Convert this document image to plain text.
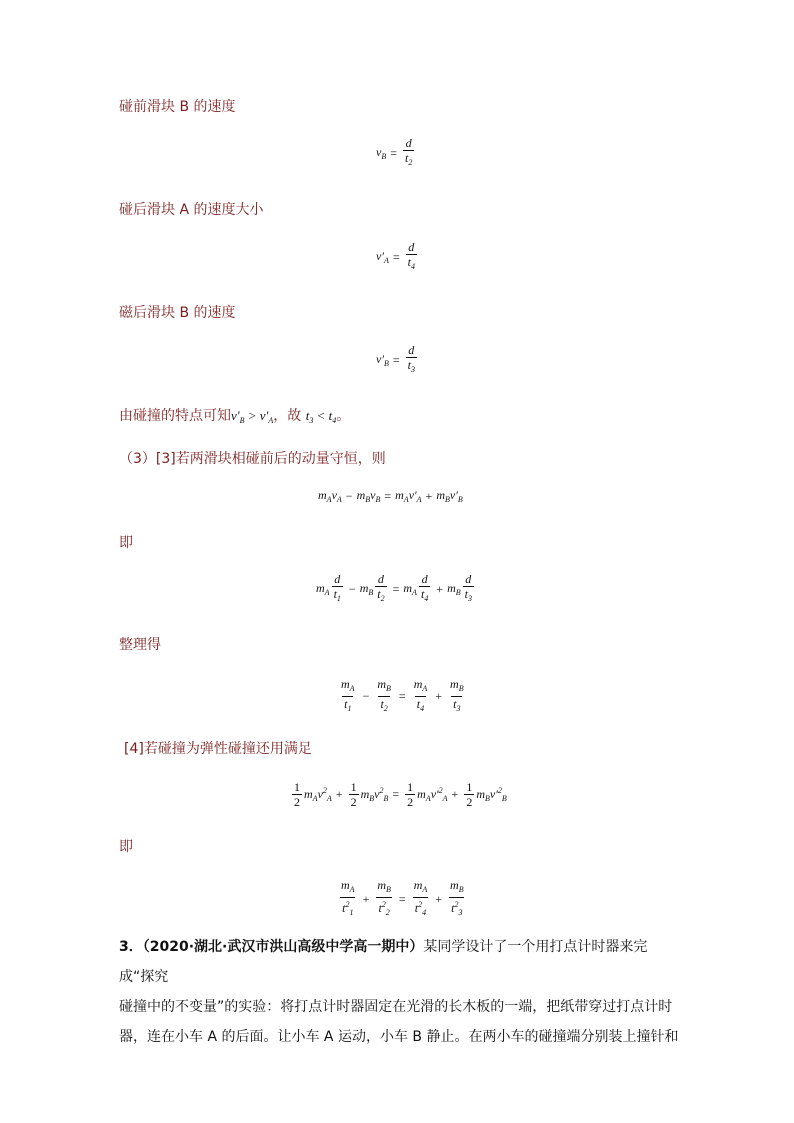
碰前滑块 B 的速度
$v_B = \frac{d}{t_2}$
碰后滑块 A 的速度大小
$v'_A = \frac{d}{t_4}$
磁后滑块 B 的速度
$v'_B = \frac{d}{t_3}$
由碰撞的特点可知$v'_B > v'_A$，故 $t_3 < t_4$。
（3）[3]若两滑块相碰前后的动量守恒，则
$m_Av_A - m_Bv_B = m_Av'_A + m_Bv'_B$
即
$m_A \frac{d}{t_1} - m_B \frac{d}{t_2} = m_A \frac{d}{t_4} + m_B \frac{d}{t_3}$
整理得
$\frac{m_A}{t_1} - \frac{m_B}{t_2} = \frac{m_A}{t_4} + \frac{m_B}{t_3}$
[4]若碰撞为弹性碰撞还用满足
$\frac{1}{2} m_Av^2_A + \frac{1}{2} m_Bv^2_B = \frac{1}{2} m_Av'^2_A + \frac{1}{2} m_Bv'^2_B$
即
$\frac{m_A}{t^2_1} + \frac{m_B}{t^2_2} = \frac{m_A}{t^2_4} + \frac{m_B}{t^2_3}$
3．（2020·湖北·武汉市洪山高级中学高一期中）某同学设计了一个用打点计时器来完成“探究
碰撞中的不变量”的实验：将打点计时器固定在光滑的长木板的一端，把纸带穿过打点计时
器，连在小车 A 的后面。让小车 A 运动，小车 B 静止。在两小车的碰撞端分别装上撞针和
